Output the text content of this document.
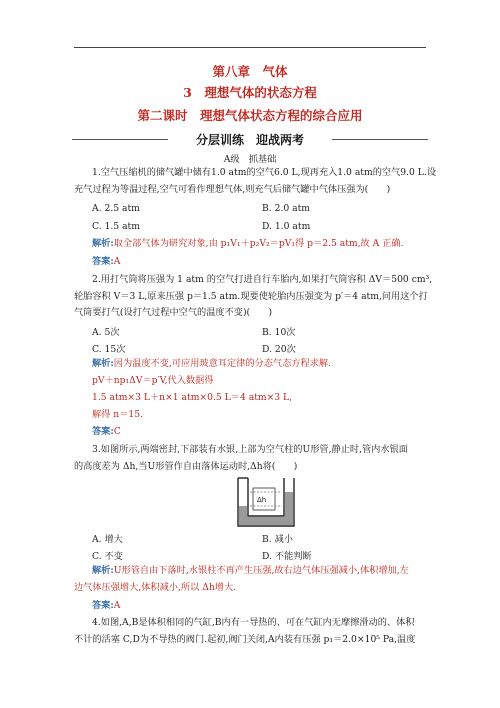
第八章　气体
3　理想气体的状态方程
第二课时　理想气体状态方程的综合应用
分层训练　迎战两考
A级　抓基础
1.空气压缩机的储气罐中储有1.0 atm的空气6.0 L,现再充入1.0 atm的空气9.0 L.设
充气过程为等温过程,空气可看作理想气体,则充气后储气罐中气体压强为(　　)
A. 2.5 atm	B. 2.0 atm
C. 1.5 atm	D. 1.0 atm
解析:取全部气体为研究对象,由 p₁V₁＋p₂V₂＝pV₁得 p＝2.5 atm,故 A 正确.
答案:A
2.用打气筒将压强为 1 atm 的空气打进自行车胎内,如果打气筒容积 ΔV＝500 cm³,
轮胎容积 V＝3 L,原来压强 p＝1.5 atm.现要使轮胎内压强变为 p′＝4 atm,问用这个打
气筒要打气(设打气过程中空气的温度不变)(　　)
A. 5次	B. 10次
C. 15次	D. 20次
解析:因为温度不变,可应用玻意耳定律的分态气态方程求解.
pV＋np₁ΔV＝p′V,代入数据得
1.5 atm×3 L＋n×1 atm×0.5 L＝4 atm×3 L,
解得 n＝15.
答案:C
3.如图所示,两端密封,下部装有水银,上部为空气柱的U形管,静止时,管内水银面
的高度差为 Δh,当U形管作自由落体运动时,Δh将(　　)
Δh
A. 增大	B. 减小
C. 不变	D. 不能判断
解析:U形管自由下落时,水银柱不再产生压强,故右边气体压强减小,体积增加,左
边气体压强增大,体积减小,所以 Δh增大.
答案:A
4.如图,A,B是体积相同的气缸,B内有一导热的、可在气缸内无摩擦滑动的、体积
不计的活塞 C,D为不导热的阀门.起初,阀门关闭,A内装有压强 p₁＝2.0×10⁵ Pa,温度
